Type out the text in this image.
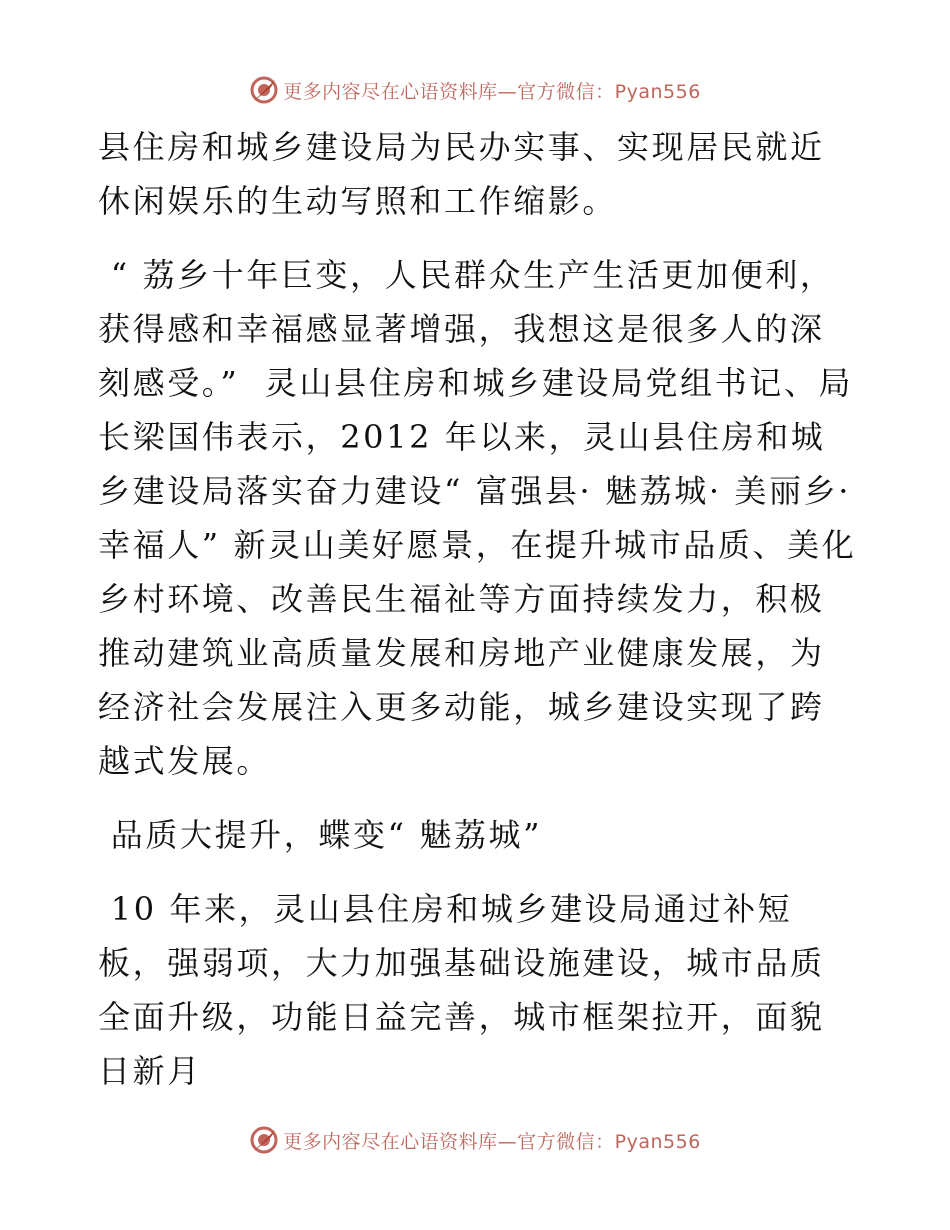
更多内容尽在心语资料库—官方微信：Pyan556

县住房和城乡建设局为民办实事、实现居民就近休闲娱乐的生动写照和工作缩影。

“ 荔乡十年巨变，人民群众生产生活更加便利，获得感和幸福感显著增强，我想这是很多人的深刻感受。”  灵山县住房和城乡建设局党组书记、局长梁国伟表示，2012 年以来，灵山县住房和城乡建设局落实奋力建设“ 富强县· 魅荔城· 美丽乡· 幸福人” 新灵山美好愿景，在提升城市品质、美化乡村环境、改善民生福祉等方面持续发力，积极推动建筑业高质量发展和房地产业健康发展，为经济社会发展注入更多动能，城乡建设实现了跨越式发展。

品质大提升，蝶变“ 魅荔城”

10 年来，灵山县住房和城乡建设局通过补短板，强弱项，大力加强基础设施建设，城市品质全面升级，功能日益完善，城市框架拉开，面貌日新月

更多内容尽在心语资料库—官方微信：Pyan556
